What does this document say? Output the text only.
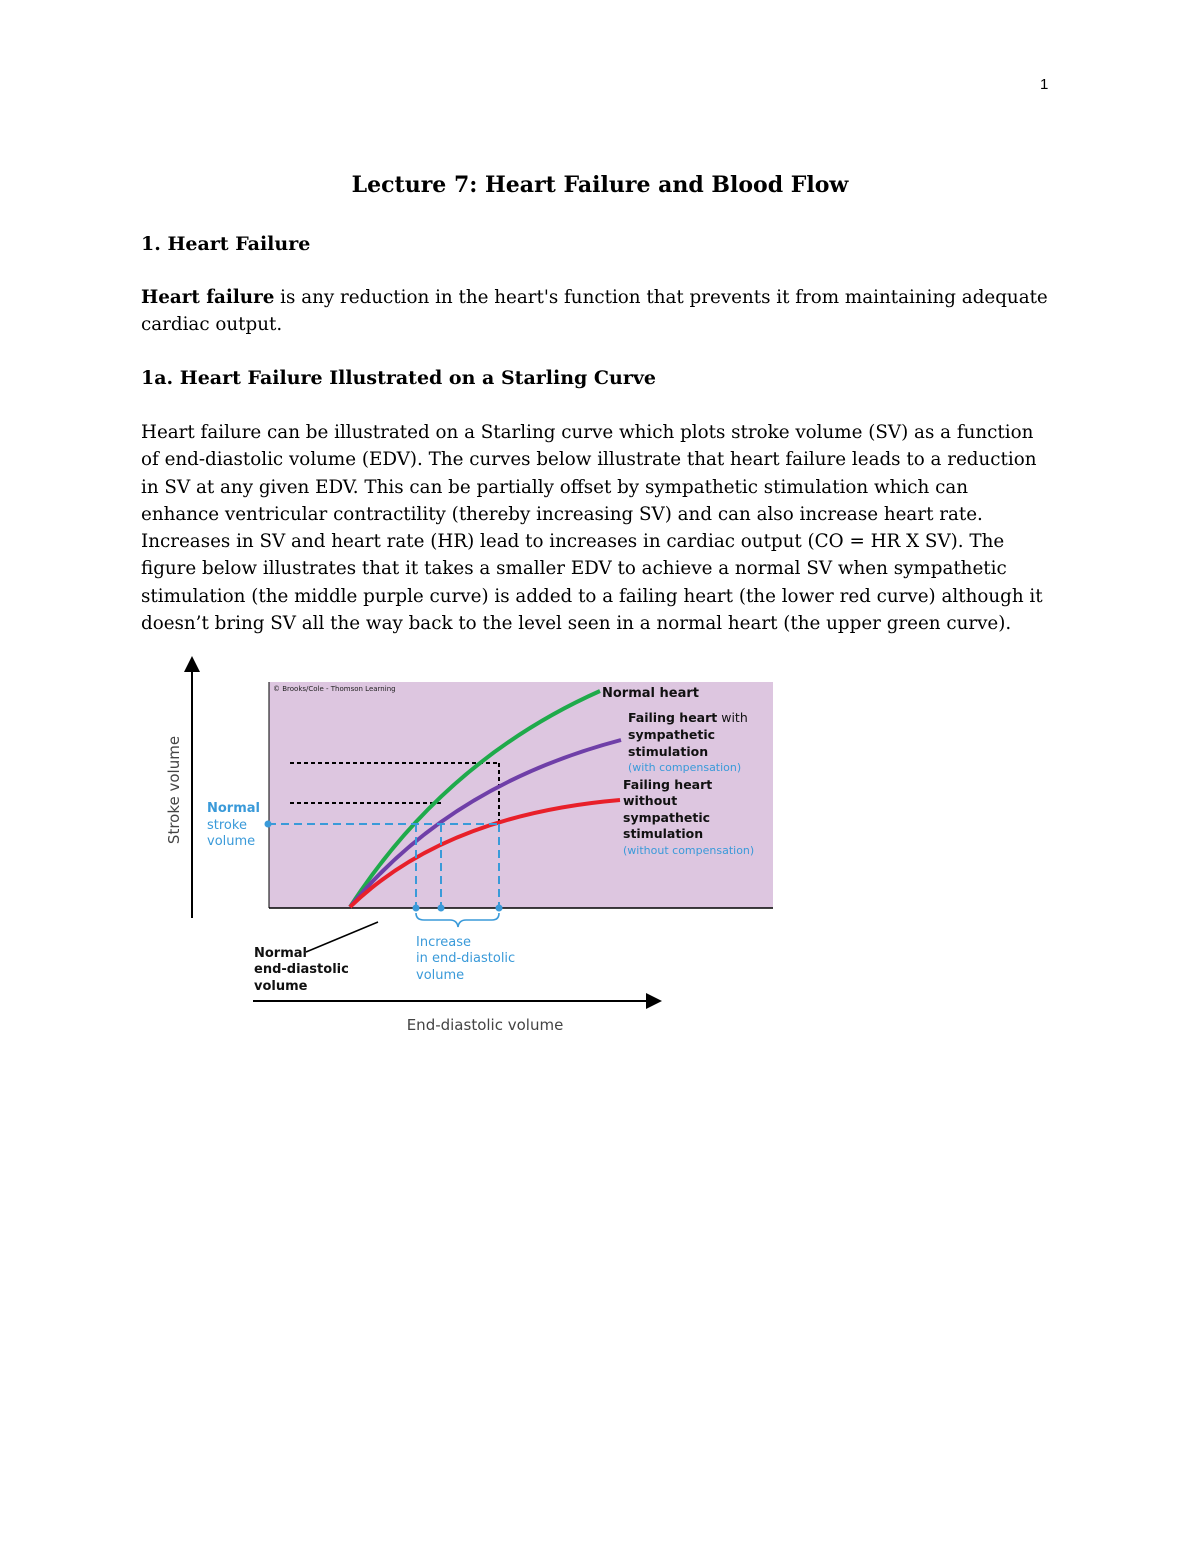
1
Lecture 7: Heart Failure and Blood Flow
1. Heart Failure
Heart failure is any reduction in the heart's function that prevents it from maintaining adequate
cardiac output.
1a. Heart Failure Illustrated on a Starling Curve
Heart failure can be illustrated on a Starling curve which plots stroke volume (SV) as a function
of end-diastolic volume (EDV). The curves below illustrate that heart failure leads to a reduction
in SV at any given EDV. This can be partially offset by sympathetic stimulation which can
enhance ventricular contractility (thereby increasing SV) and can also increase heart rate.
Increases in SV and heart rate (HR) lead to increases in cardiac output (CO = HR X SV). The
figure below illustrates that it takes a smaller EDV to achieve a normal SV when sympathetic
stimulation (the middle purple curve) is added to a failing heart (the lower red curve) although it
doesn’t bring SV all the way back to the level seen in a normal heart (the upper green curve).
© Brooks/Cole - Thomson Learning
Stroke volume
End-diastolic volume
Normal
stroke
volume
Normal
end-diastolic
volume
Increase
in end-diastolic
volume
Normal heart
Failing heart with
sympathetic
stimulation
(with compensation)
Failing heart
without
sympathetic
stimulation
(without compensation)
